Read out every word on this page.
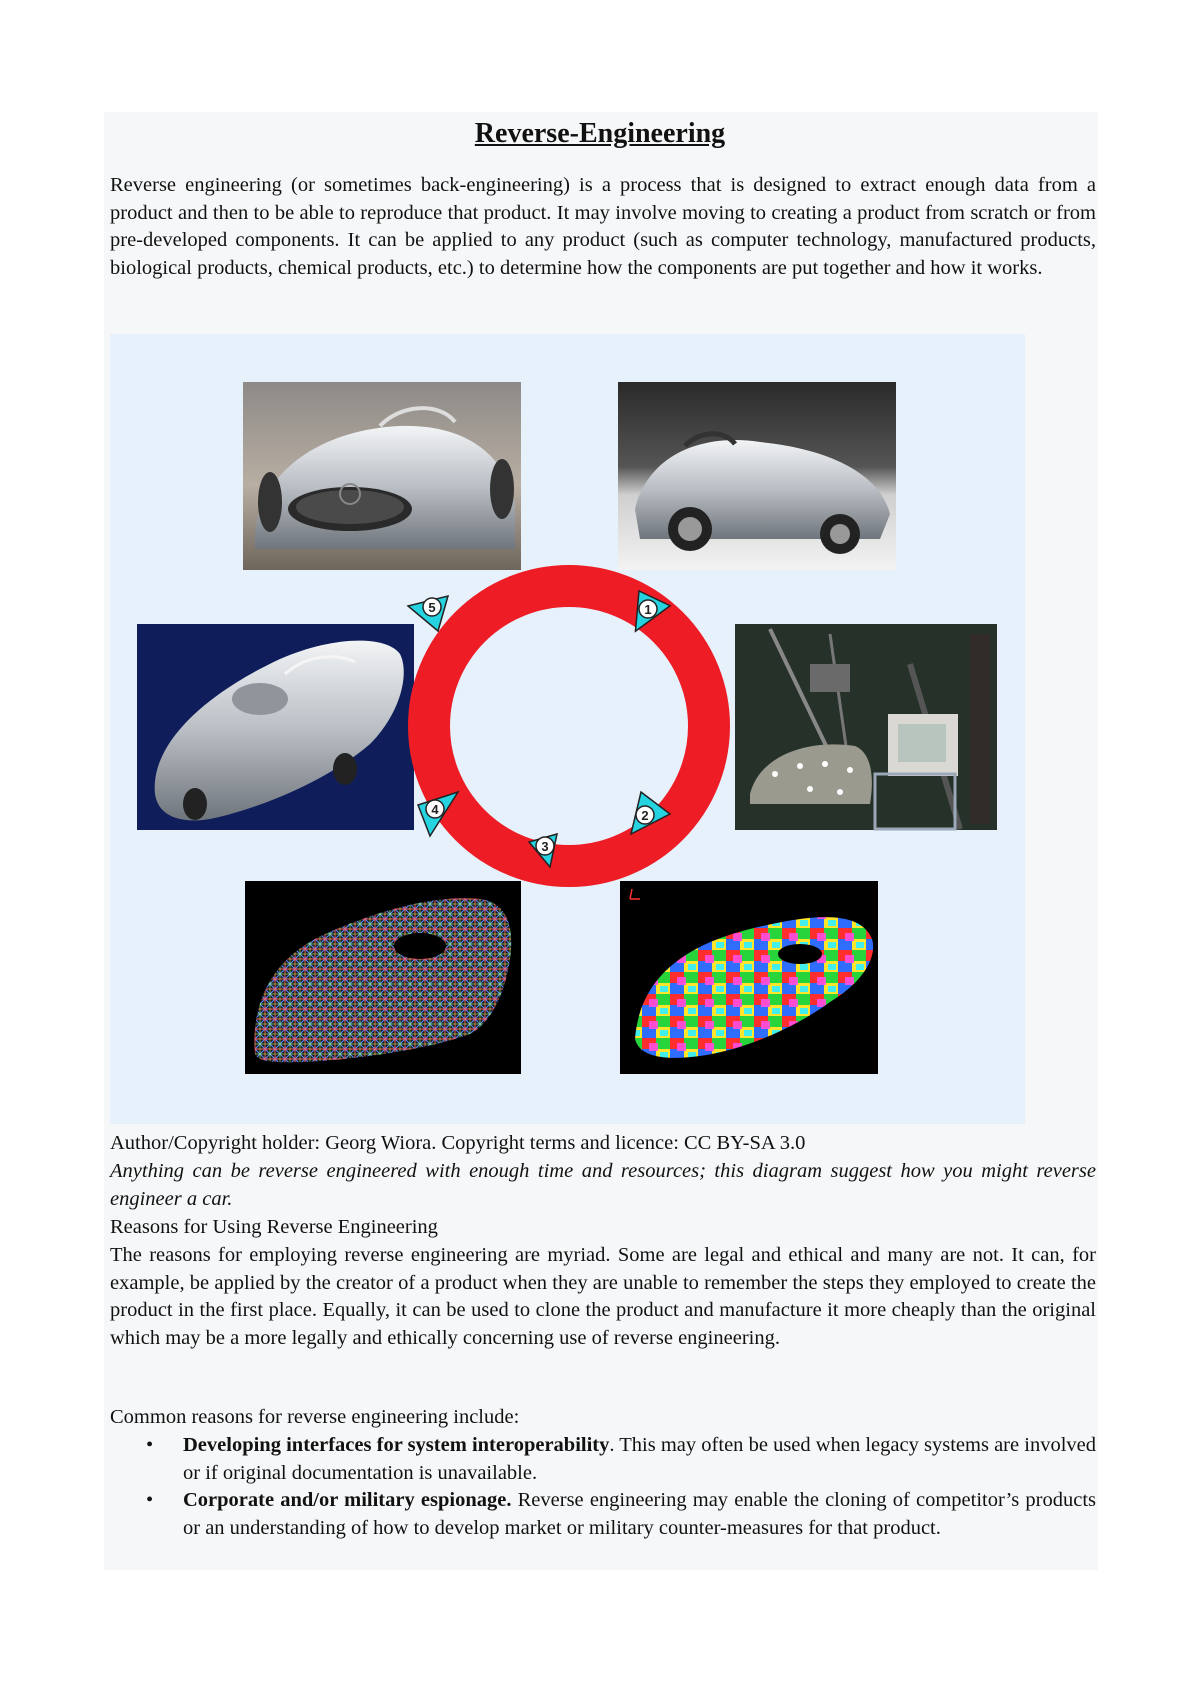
Reverse-Engineering

Reverse engineering (or sometimes back-engineering) is a process that is designed to extract enough data from a product and then to be able to reproduce that product. It may involve moving to creating a product from scratch or from pre-developed components. It can be applied to any product (such as computer technology, manufactured products, biological products, chemical products, etc.) to determine how the components are put together and how it works.

1
2
3
4
5

Author/Copyright holder: Georg Wiora. Copyright terms and licence: CC BY-SA 3.0

Anything can be reverse engineered with enough time and resources; this diagram suggest how you might reverse engineer a car.

Reasons for Using Reverse Engineering

The reasons for employing reverse engineering are myriad. Some are legal and ethical and many are not. It can, for example, be applied by the creator of a product when they are unable to remember the steps they employed to create the product in the first place. Equally, it can be used to clone the product and manufacture it more cheaply than the original which may be a more legally and ethically concerning use of reverse engineering.

Common reasons for reverse engineering include:

• Developing interfaces for system interoperability. This may often be used when legacy systems are involved or if original documentation is unavailable.
• Corporate and/or military espionage. Reverse engineering may enable the cloning of competitor’s products or an understanding of how to develop market or military counter-measures for that product.
